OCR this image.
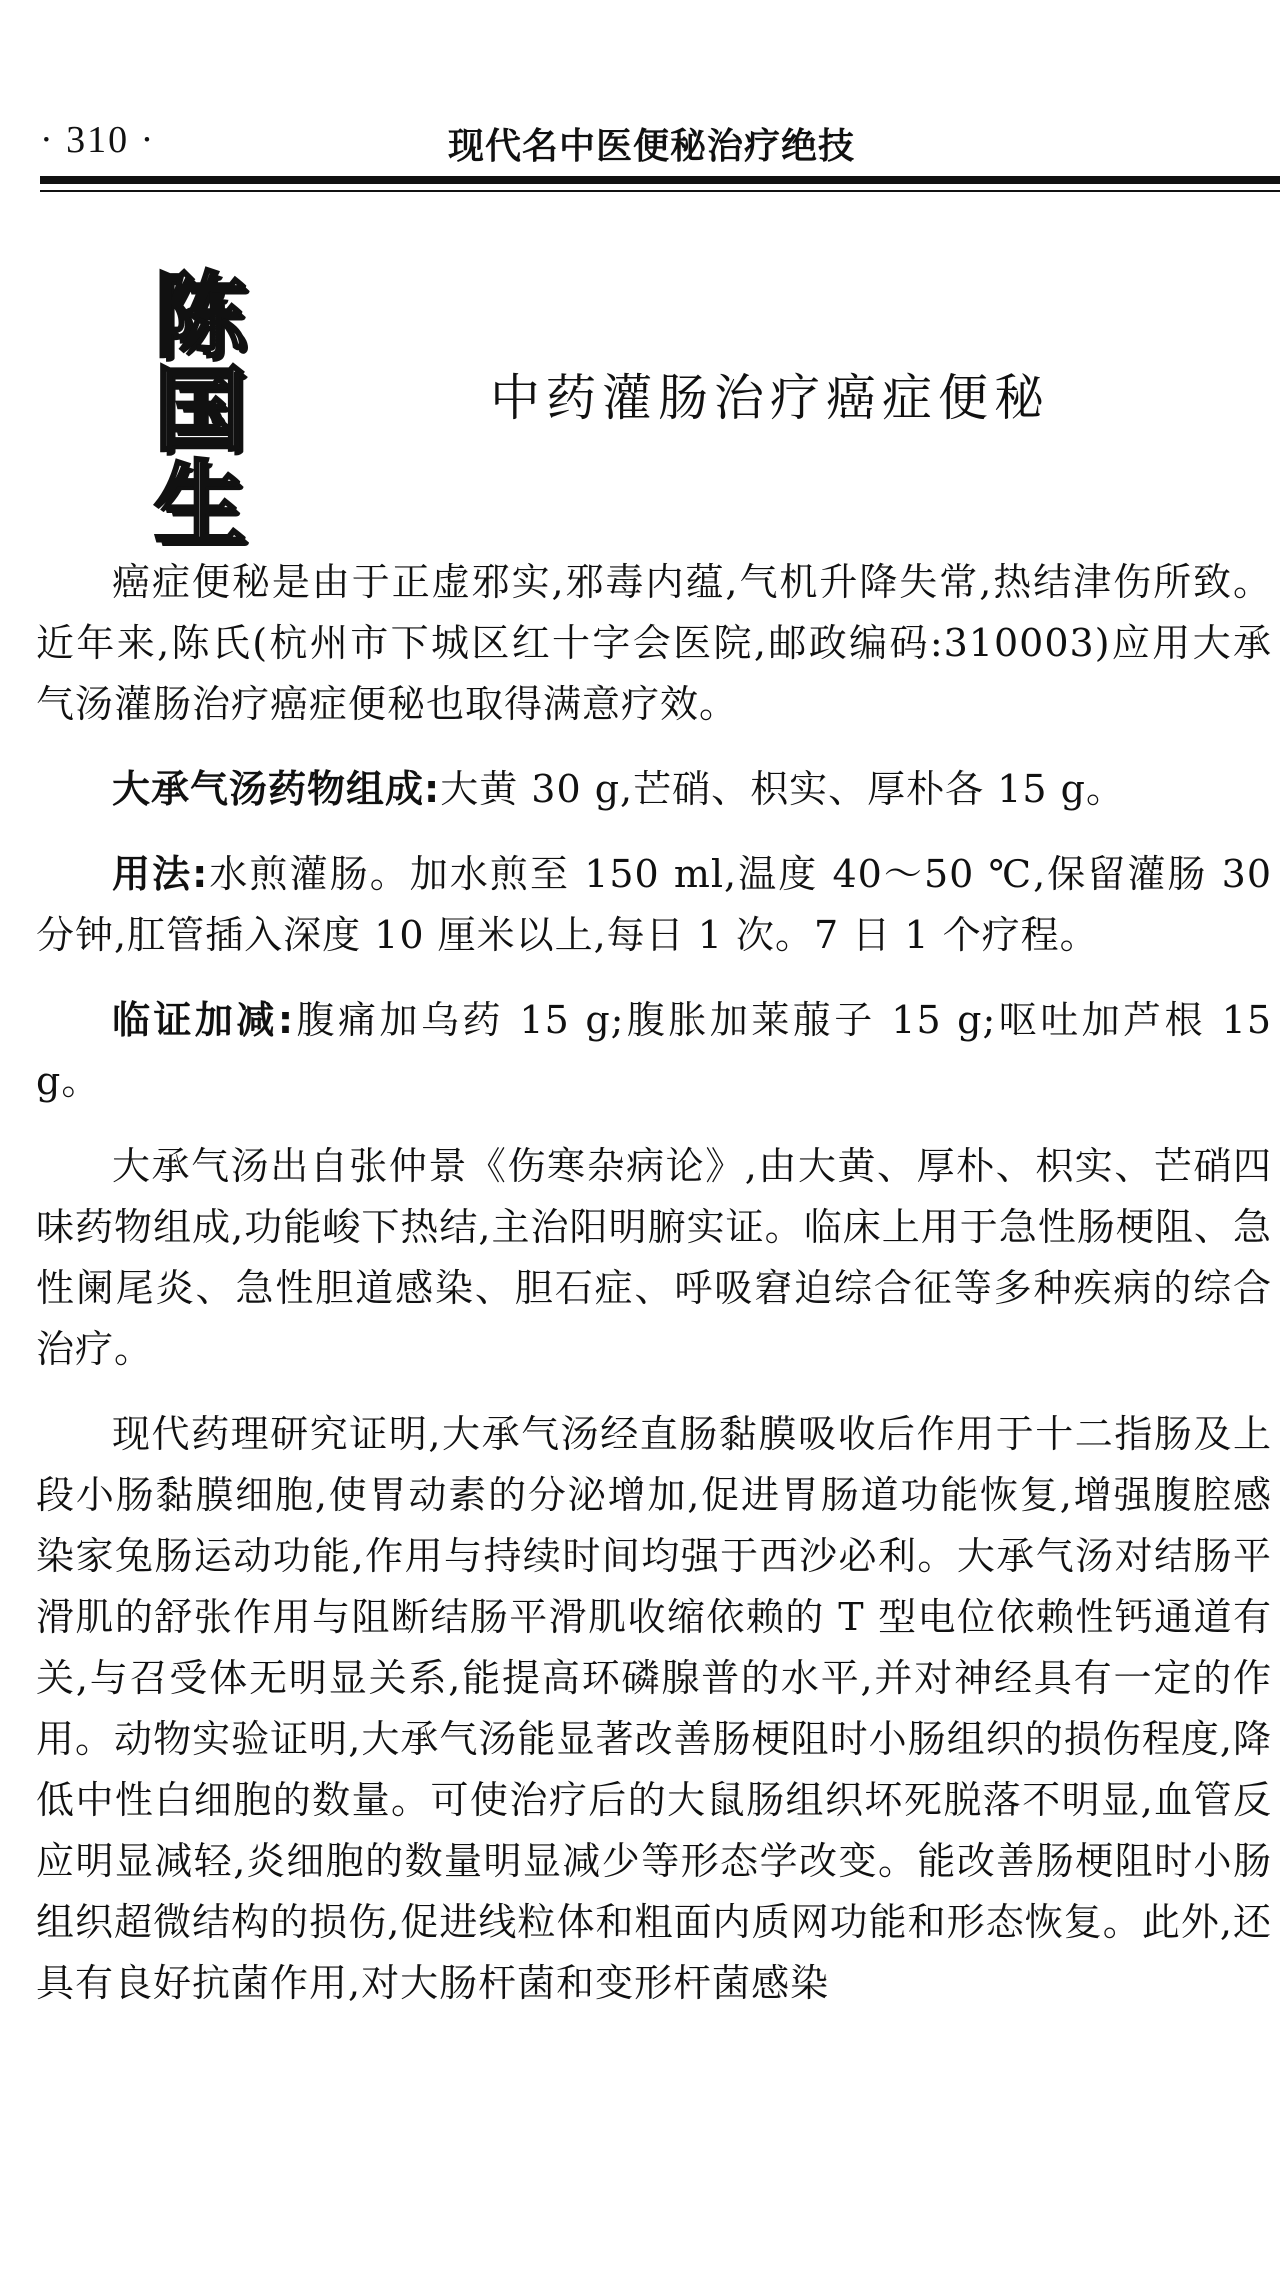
· 310 ·	现代名中医便秘治疗绝技
陈
国
生
中药灌肠治疗癌症便秘

癌症便秘是由于正虚邪实,邪毒内蕴,气机升降失常,热结津伤所致。近年来,陈氏(杭州市下城区红十字会医院,邮政编码:310003)应用大承气汤灌肠治疗癌症便秘也取得满意疗效。

大承气汤药物组成:大黄 30 g,芒硝、枳实、厚朴各 15 g。

用法:水煎灌肠。加水煎至 150 ml,温度 40～50 ℃,保留灌肠 30 分钟,肛管插入深度 10 厘米以上,每日 1 次。7 日 1 个疗程。

临证加减:腹痛加乌药 15 g;腹胀加莱菔子 15 g;呕吐加芦根 15 g。

大承气汤出自张仲景《伤寒杂病论》,由大黄、厚朴、枳实、芒硝四味药物组成,功能峻下热结,主治阳明腑实证。临床上用于急性肠梗阻、急性阑尾炎、急性胆道感染、胆石症、呼吸窘迫综合征等多种疾病的综合治疗。

现代药理研究证明,大承气汤经直肠黏膜吸收后作用于十二指肠及上段小肠黏膜细胞,使胃动素的分泌增加,促进胃肠道功能恢复,增强腹腔感染家兔肠运动功能,作用与持续时间均强于西沙必利。大承气汤对结肠平滑肌的舒张作用与阻断结肠平滑肌收缩依赖的 T 型电位依赖性钙通道有关,与召受体无明显关系,能提高环磷腺普的水平,并对神经具有一定的作用。动物实验证明,大承气汤能显著改善肠梗阻时小肠组织的损伤程度,降低中性白细胞的数量。可使治疗后的大鼠肠组织坏死脱落不明显,血管反应明显减轻,炎细胞的数量明显减少等形态学改变。能改善肠梗阻时小肠组织超微结构的损伤,促进线粒体和粗面内质网功能和形态恢复。此外,还具有良好抗菌作用,对大肠杆菌和变形杆菌感染
